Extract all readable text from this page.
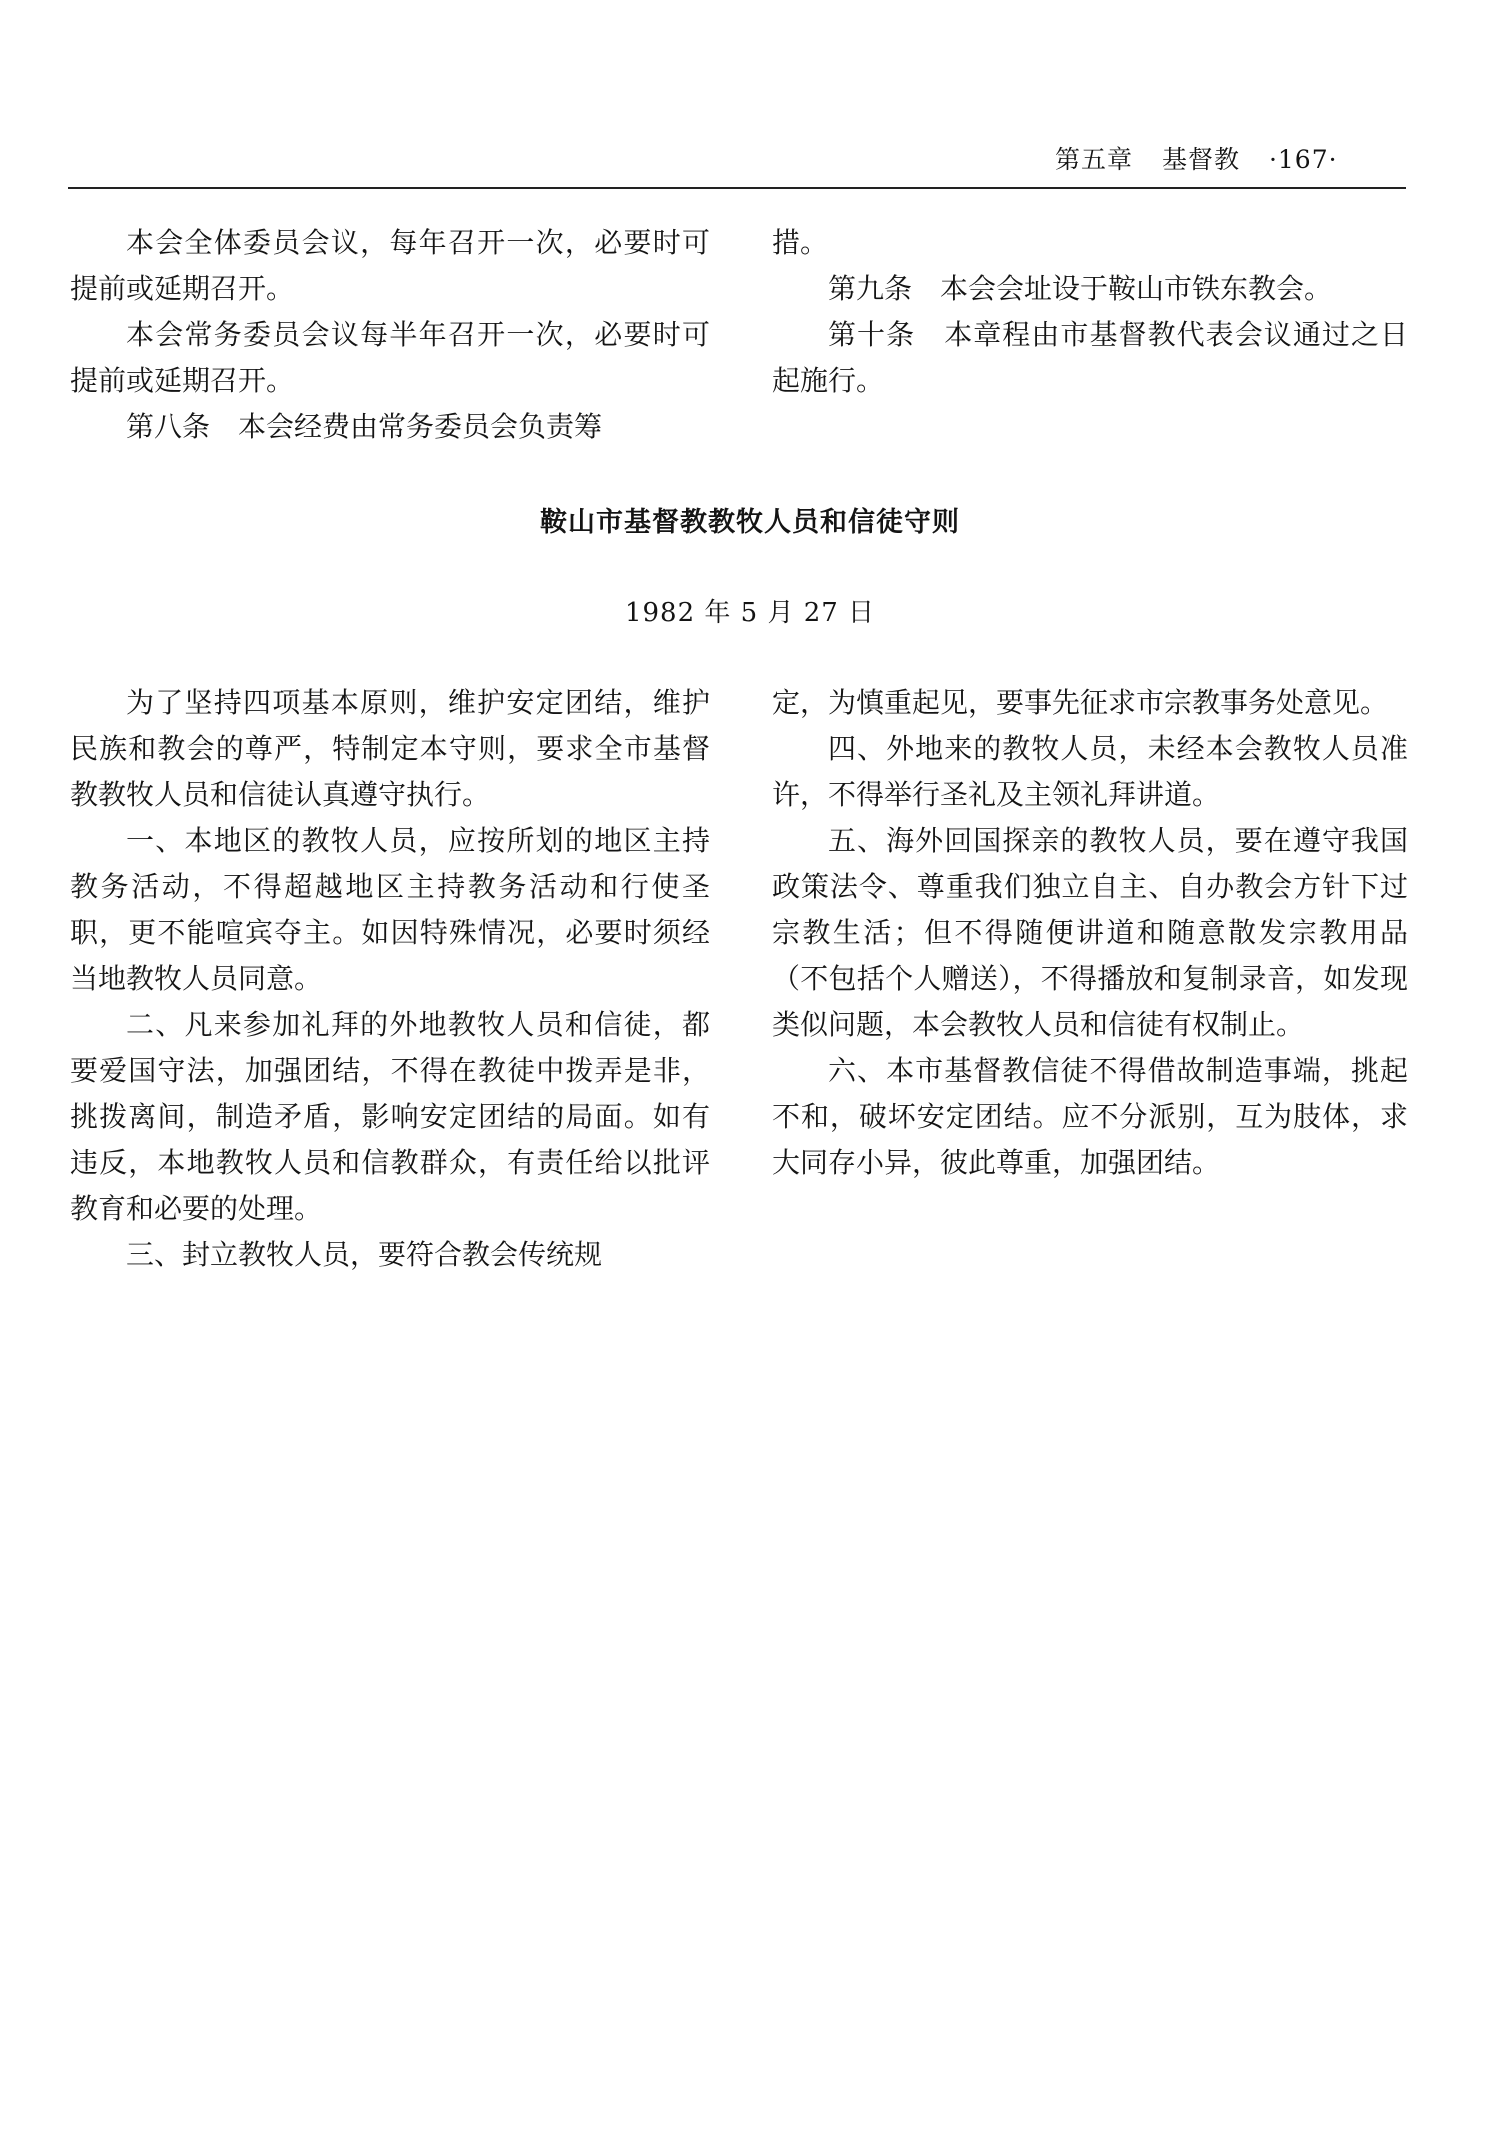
第五章 基督教 ·167·

本会全体委员会议，每年召开一次，必要时可提前或延期召开。

本会常务委员会议每半年召开一次，必要时可提前或延期召开。

第八条　本会经费由常务委员会负责筹

措。

第九条　本会会址设于鞍山市铁东教会。

第十条　本章程由市基督教代表会议通过之日起施行。

鞍山市基督教教牧人员和信徒守则
1982 年 5 月 27 日

为了坚持四项基本原则，维护安定团结，维护民族和教会的尊严，特制定本守则，要求全市基督教教牧人员和信徒认真遵守执行。

一、本地区的教牧人员，应按所划的地区主持教务活动，不得超越地区主持教务活动和行使圣职，更不能喧宾夺主。如因特殊情况，必要时须经当地教牧人员同意。

二、凡来参加礼拜的外地教牧人员和信徒，都要爱国守法，加强团结，不得在教徒中拨弄是非，挑拨离间，制造矛盾，影响安定团结的局面。如有违反，本地教牧人员和信教群众，有责任给以批评教育和必要的处理。

三、封立教牧人员，要符合教会传统规

定，为慎重起见，要事先征求市宗教事务处意见。

四、外地来的教牧人员，未经本会教牧人员准许，不得举行圣礼及主领礼拜讲道。

五、海外回国探亲的教牧人员，要在遵守我国政策法令、尊重我们独立自主、自办教会方针下过宗教生活；但不得随便讲道和随意散发宗教用品（不包括个人赠送），不得播放和复制录音，如发现类似问题，本会教牧人员和信徒有权制止。

六、本市基督教信徒不得借故制造事端，挑起不和，破坏安定团结。应不分派别，互为肢体，求大同存小异，彼此尊重，加强团结。
